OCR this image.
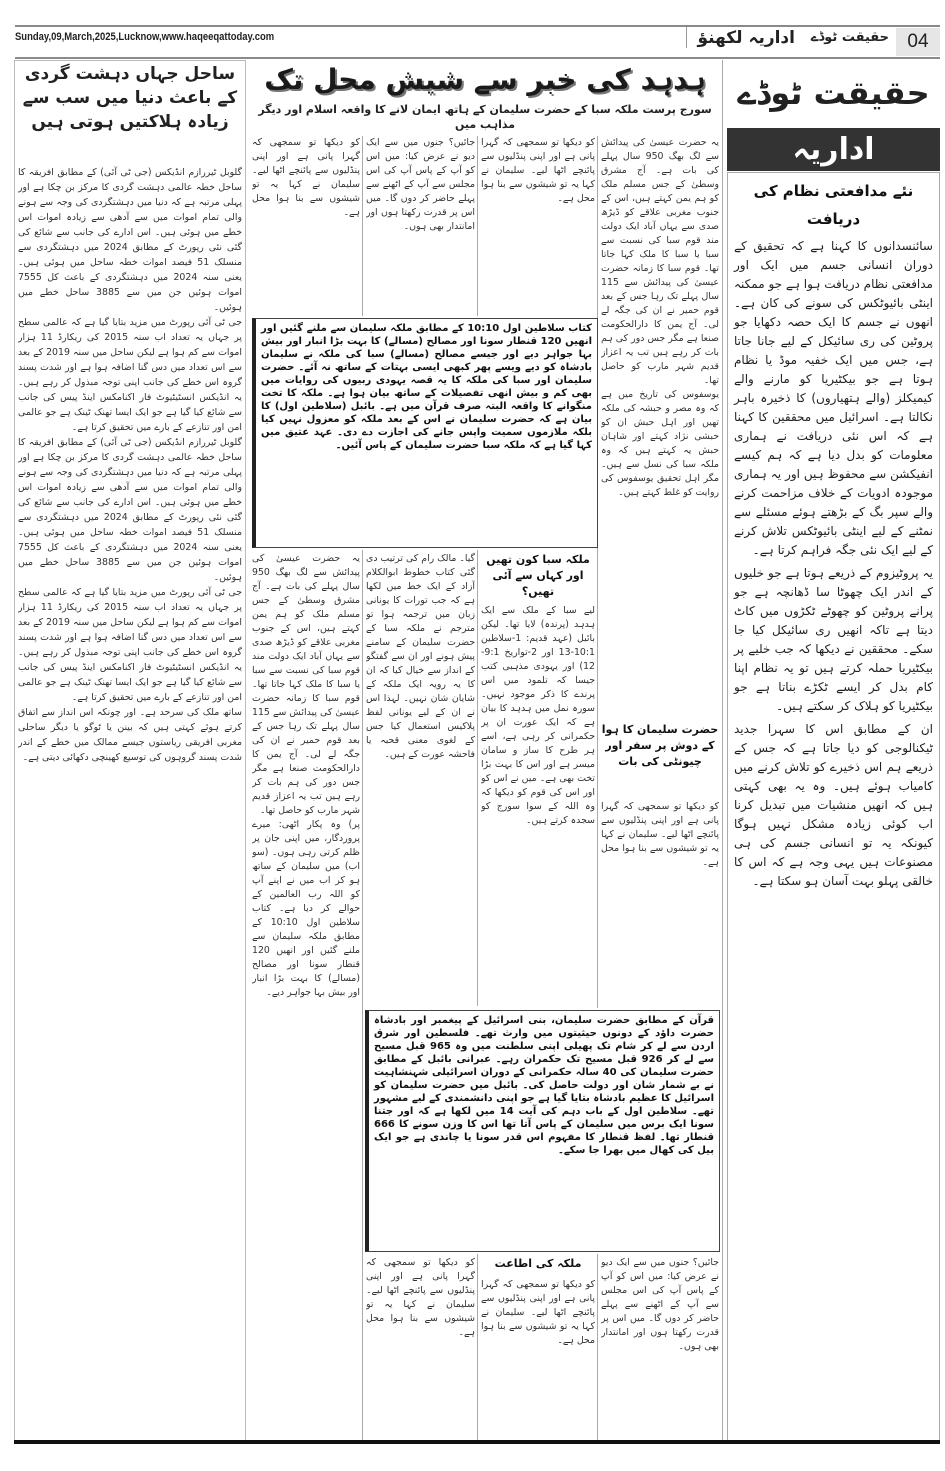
Sunday,09,March,2025,Lucknow,www.haqeeqattoday.com	اداریہ لکھنؤ حقیقت ٹوڈے 04
ساحل جہاں دہشت گردی کے باعث دنیا میں سب سے زیادہ ہلاکتیں ہوتی ہیں

گلوبل ٹیررازم انڈیکس (جی ٹی آئی) کے مطابق افریقہ کا ساحل خطہ عالمی دہشت گردی کا مرکز بن چکا ہے اور پہلی مرتبہ ہے کہ دنیا میں دہشتگردی کی وجہ سے ہونے والی تمام اموات میں سے آدھی سے زیادہ اموات اس خطے میں ہوئی ہیں۔ اس ادارے کی جانب سے شائع کی گئی نئی رپورٹ کے مطابق 2024 میں دہشتگردی سے منسلک 51 فیصد اموات خطہ ساحل میں ہوئی ہیں۔ یعنی سنہ 2024 میں دہشتگردی کے باعث کل 7555 اموات ہوئیں جن میں سے 3885 ساحل خطے میں ہوئیں۔

جی ٹی آئی رپورٹ میں مزید بتایا گیا ہے کہ عالمی سطح پر جہاں یہ تعداد اب سنہ 2015 کی ریکارڈ 11 ہزار اموات سے کم ہوا ہے لیکن ساحل میں سنہ 2019 کے بعد سے اس تعداد میں دس گنا اضافہ ہوا ہے اور شدت پسند گروہ اس خطے کی جانب اپنی توجہ مبذول کر رہے ہیں۔ یہ انڈیکس انسٹیٹیوٹ فار اکنامکس اینڈ پیس کی جانب سے شائع کیا گیا ہے جو ایک ایسا تھنک ٹینک ہے جو عالمی امن اور تنازعے کے بارے میں تحقیق کرتا ہے۔

گلوبل ٹیررازم انڈیکس (جی ٹی آئی) کے مطابق افریقہ کا ساحل خطہ عالمی دہشت گردی کا مرکز بن چکا ہے اور پہلی مرتبہ ہے کہ دنیا میں دہشتگردی کی وجہ سے ہونے والی تمام اموات میں سے آدھی سے زیادہ اموات اس خطے میں ہوئی ہیں۔ اس ادارے کی جانب سے شائع کی گئی نئی رپورٹ کے مطابق 2024 میں دہشتگردی سے منسلک 51 فیصد اموات خطہ ساحل میں ہوئی ہیں۔ یعنی سنہ 2024 میں دہشتگردی کے باعث کل 7555 اموات ہوئیں جن میں سے 3885 ساحل خطے میں ہوئیں۔

جی ٹی آئی رپورٹ میں مزید بتایا گیا ہے کہ عالمی سطح پر جہاں یہ تعداد اب سنہ 2015 کی ریکارڈ 11 ہزار اموات سے کم ہوا ہے لیکن ساحل میں سنہ 2019 کے بعد سے اس تعداد میں دس گنا اضافہ ہوا ہے اور شدت پسند گروہ اس خطے کی جانب اپنی توجہ مبذول کر رہے ہیں۔ یہ انڈیکس انسٹیٹیوٹ فار اکنامکس اینڈ پیس کی جانب سے شائع کیا گیا ہے جو ایک ایسا تھنک ٹینک ہے جو عالمی امن اور تنازعے کے بارے میں تحقیق کرتا ہے۔

ساتھ ملک کی سرحد ہے۔ اور چونکہ اس انداز سے اتفاق کرتے ہوئے کہتی ہیں کہ بینن یا ٹوگو یا دیگر ساحلی مغربی افریقی ریاستوں جیسے ممالک میں خطے کے اندر شدت پسند گروہوں کی توسیع کھینچی دکھائی دیتی ہے۔

ہدہد کی خبر سے شیش محل تک
سورج پرست ملکہ سبا کے حضرت سلیمان کے ہاتھ ایمان لانے کا واقعہ اسلام اور دیگر مذاہب میں

یہ حضرت عیسیٰ کی پیدائش سے لگ بھگ 950 سال پہلے کی بات ہے۔ آج مشرق وسطیٰ کے جس مسلم ملک کو ہم یمن کہتے ہیں، اس کے جنوب مغربی علاقے کو ڈیڑھ صدی سے یہاں آباد ایک دولت مند قوم سبا کی نسبت سے سبا یا سبا کا ملک کہا جاتا تھا۔ قوم سبا کا زمانہ حضرت عیسیٰ کی پیدائش سے 115 سال پہلے تک رہا جس کے بعد قوم حمیر نے ان کی جگہ لے لی۔ آج یمن کا دارالحکومت صنعا ہے مگر جس دور کی ہم بات کر رہے ہیں تب یہ اعزاز قدیم شہر مارب کو حاصل تھا۔

یوسفوس کی تاریخ میں ہے کہ وہ مصر و حبشہ کی ملکہ تھیں اور اہل حبش ان کو حبشی نژاد کہتے اور شاہان حبش یہ کہتے ہیں کہ وہ ملکہ سبا کی نسل سے ہیں۔ مگر اہل تحقیق یوسفوس کی روایت کو غلط کہتے ہیں۔

حضرت سلیمان کا ہوا کے دوش پر سفر اور چیونٹی کی بات

کو دیکھا تو سمجھی کہ گہرا پانی ہے اور اپنی پنڈلیوں سے پائنچے اٹھا لیے۔ سلیمان نے کہا یہ تو شیشوں سے بنا ہوا محل ہے۔

جائیں؟ جنوں میں سے ایک دیو نے عرض کیا: میں اس کو آپ کے پاس آپ کی اس مجلس سے آپ کے اٹھنے سے پہلے حاضر کر دوں گا۔ میں اس پر قدرت رکھتا ہوں اور امانتدار بھی ہوں۔

کو دیکھا تو سمجھی کہ گہرا پانی ہے اور اپنی پنڈلیوں سے پائنچے اٹھا لیے۔ سلیمان نے کہا یہ تو شیشوں سے بنا ہوا محل ہے۔

ملکہ سبا کون تھیں اور کہاں سے آئی تھیں؟

لیے سبا کے ملک سے ایک ہدہد (پرندہ) لایا تھا۔ لیکن بائبل (عہد قدیم: 1-سلاطین 10:1-13 اور 2-تواریخ 9:1-12) اور یہودی مذہبی کتب جیسا کہ تلمود میں اس پرندے کا ذکر موجود نہیں۔ سورہ نمل میں ہدہد کا بیان ہے کہ ایک عورت ان پر حکمرانی کر رہی ہے، اسے ہر طرح کا ساز و سامان میسر ہے اور اس کا بہت بڑا تخت بھی ہے۔ میں نے اس کو اور اس کی قوم کو دیکھا کہ وہ اللہ کے سوا سورج کو سجدہ کرتے ہیں۔

ملکہ کی اطاعت

کو دیکھا تو سمجھی کہ گہرا پانی ہے اور اپنی پنڈلیوں سے پائنچے اٹھا لیے۔ سلیمان نے کہا یہ تو شیشوں سے بنا ہوا محل ہے۔

جائیں؟ جنوں میں سے ایک دیو نے عرض کیا: میں اس کو آپ کے پاس آپ کی اس مجلس سے آپ کے اٹھنے سے پہلے حاضر کر دوں گا۔ میں اس پر قدرت رکھتا ہوں اور امانتدار بھی ہوں۔

گیا۔ مالک رام کی ترتیب دی گئی کتاب خطوط ابوالکلام آزاد کے ایک خط میں لکھا ہے کہ جب تورات کا یونانی زبان میں ترجمہ ہوا تو مترجم نے ملکہ سبا کے حضرت سلیمان کے سامنے پیش ہونے اور ان سے گفتگو کے انداز سے خیال کیا کہ ان کا یہ رویہ ایک ملکہ کے شایان شان نہیں۔ لہذا اس نے ان کے لیے یونانی لفظ پلاکیس استعمال کیا جس کے لغوی معنی قحبہ یا فاحشہ عورت کے ہیں۔

کو دیکھا تو سمجھی کہ گہرا پانی ہے اور اپنی پنڈلیوں سے پائنچے اٹھا لیے۔ سلیمان نے کہا یہ تو شیشوں سے بنا ہوا محل ہے۔

کو دیکھا تو سمجھی کہ گہرا پانی ہے اور اپنی پنڈلیوں سے پائنچے اٹھا لیے۔ سلیمان نے کہا یہ تو شیشوں سے بنا ہوا محل ہے۔

یہ حضرت عیسیٰ کی پیدائش سے لگ بھگ 950 سال پہلے کی بات ہے۔ آج مشرق وسطیٰ کے جس مسلم ملک کو ہم یمن کہتے ہیں، اس کے جنوب مغربی علاقے کو ڈیڑھ صدی سے یہاں آباد ایک دولت مند قوم سبا کی نسبت سے سبا یا سبا کا ملک کہا جاتا تھا۔ قوم سبا کا زمانہ حضرت عیسیٰ کی پیدائش سے 115 سال پہلے تک رہا جس کے بعد قوم حمیر نے ان کی جگہ لے لی۔ آج یمن کا دارالحکومت صنعا ہے مگر جس دور کی ہم بات کر رہے ہیں تب یہ اعزاز قدیم شہر مارب کو حاصل تھا۔

پر) وہ پکار اٹھی: میرے پروردگار، میں اپنی جان پر ظلم کرتی رہی ہوں۔ (سو اب) میں سلیمان کے ساتھ ہو کر اب میں نے اپنے آپ کو اللہ رب العالمین کے حوالے کر دیا ہے۔ کتاب سلاطین اول 10:10 کے مطابق ملکہ سلیمان سے ملنے گئیں اور انھیں 120 قنطار سونا اور مصالح (مسالے) کا بہت بڑا انبار اور بیش بہا جواہر دیے۔

کتاب سلاطین اول 10:10 کے مطابق ملکہ سلیمان سے ملنے گئیں اور انھیں 120 قنطار سونا اور مصالح (مسالے) کا بہت بڑا انبار اور بیش بہا جواہر دیے اور جیسے مصالح (مسالے) سبا کی ملکہ نے سلیمان بادشاہ کو دیے ویسے پھر کبھی ایسی بہتات کے ساتھ نہ آئے۔ حضرت سلیمان اور سبا کی ملکہ کا یہ قصہ یہودی ربیوں کی روایات میں بھی کم و بیش انھی تفصیلات کے ساتھ بیان ہوا ہے۔ ملکہ کا تخت منگوانے کا واقعہ البتہ صرف قرآن میں ہے۔ بائبل (سلاطین اول) کا بیان ہے کہ حضرت سلیمان نے اس کے بعد ملکہ کو معزول نہیں کیا بلکہ ملازموں سمیت واپس جانے کی اجازت دے دی۔ عہد عتیق میں کہا گیا ہے کہ ملکہ سبا حضرت سلیمان کے پاس آئیں۔
قرآن کے مطابق حضرت سلیمان، بنی اسرائیل کے پیغمبر اور بادشاہ حضرت داؤد کے دونوں حیثیتوں میں وارث تھے۔ فلسطین اور شرق اردن سے لے کر شام تک پھیلی اپنی سلطنت میں وہ 965 قبل مسیح سے لے کر 926 قبل مسیح تک حکمران رہے۔ عبرانی بائبل کے مطابق حضرت سلیمان کی 40 سالہ حکمرانی کے دوران اسرائیلی شہنشاہیت نے بے شمار شان اور دولت حاصل کی۔ بائبل میں حضرت سلیمان کو اسرائیل کا عظیم بادشاہ بتایا گیا ہے جو اپنی دانشمندی کے لیے مشہور تھے۔ سلاطین اول کے باب دہم کی آیت 14 میں لکھا ہے کہ اور جتنا سونا ایک برس میں سلیمان کے پاس آتا تھا اس کا وزن سونے کا 666 قنطار تھا۔ لفظ قنطار کا مفہوم اس قدر سونا یا چاندی ہے جو ایک بیل کی کھال میں بھرا جا سکے۔
حقیقت ٹوڈے
اداریہ
نئے مدافعتی نظام کی دریافت

سائنسدانوں کا کہنا ہے کہ تحقیق کے دوران انسانی جسم میں ایک اور مدافعتی نظام دریافت ہوا ہے جو ممکنہ اینٹی بائیوٹکس کی سونے کی کان ہے۔ انھوں نے جسم کا ایک حصہ دکھایا جو پروٹین کی ری سائیکل کے لیے جانا جاتا ہے، جس میں ایک خفیہ موڈ یا نظام ہوتا ہے جو بیکٹیریا کو مارنے والے کیمیکلز (والے ہتھیاروں) کا ذخیرہ باہر نکالتا ہے۔ اسرائیل میں محققین کا کہنا ہے کہ اس نئی دریافت نے ہماری معلومات کو بدل دیا ہے کہ ہم کیسے انفیکشن سے محفوظ ہیں اور یہ ہماری موجودہ ادویات کے خلاف مزاحمت کرنے والے سپر بگ کے بڑھتے ہوئے مسئلے سے نمٹنے کے لیے اینٹی بائیوٹکس تلاش کرنے کے لیے ایک نئی جگہ فراہم کرتا ہے۔

یہ پروٹیزوم کے ذریعے ہوتا ہے جو خلیوں کے اندر ایک چھوٹا سا ڈھانچہ ہے جو پرانے پروٹین کو چھوٹے ٹکڑوں میں کاٹ دیتا ہے تاکہ انھیں ری سائیکل کیا جا سکے۔ محققین نے دیکھا کہ جب خلیے پر بیکٹیریا حملہ کرتے ہیں تو یہ نظام اپنا کام بدل کر ایسے ٹکڑے بناتا ہے جو بیکٹیریا کو ہلاک کر سکتے ہیں۔

ان کے مطابق اس کا سہرا جدید ٹیکنالوجی کو دیا جاتا ہے کہ جس کے ذریعے ہم اس ذخیرے کو تلاش کرنے میں کامیاب ہوئے ہیں۔ وہ یہ بھی کہتی ہیں کہ انھیں منشیات میں تبدیل کرنا اب کوئی زیادہ مشکل نہیں ہوگا کیونکہ یہ تو انسانی جسم کی ہی مصنوعات ہیں یہی وجہ ہے کہ اس کا خالقی پہلو بہت آسان ہو سکتا ہے۔
